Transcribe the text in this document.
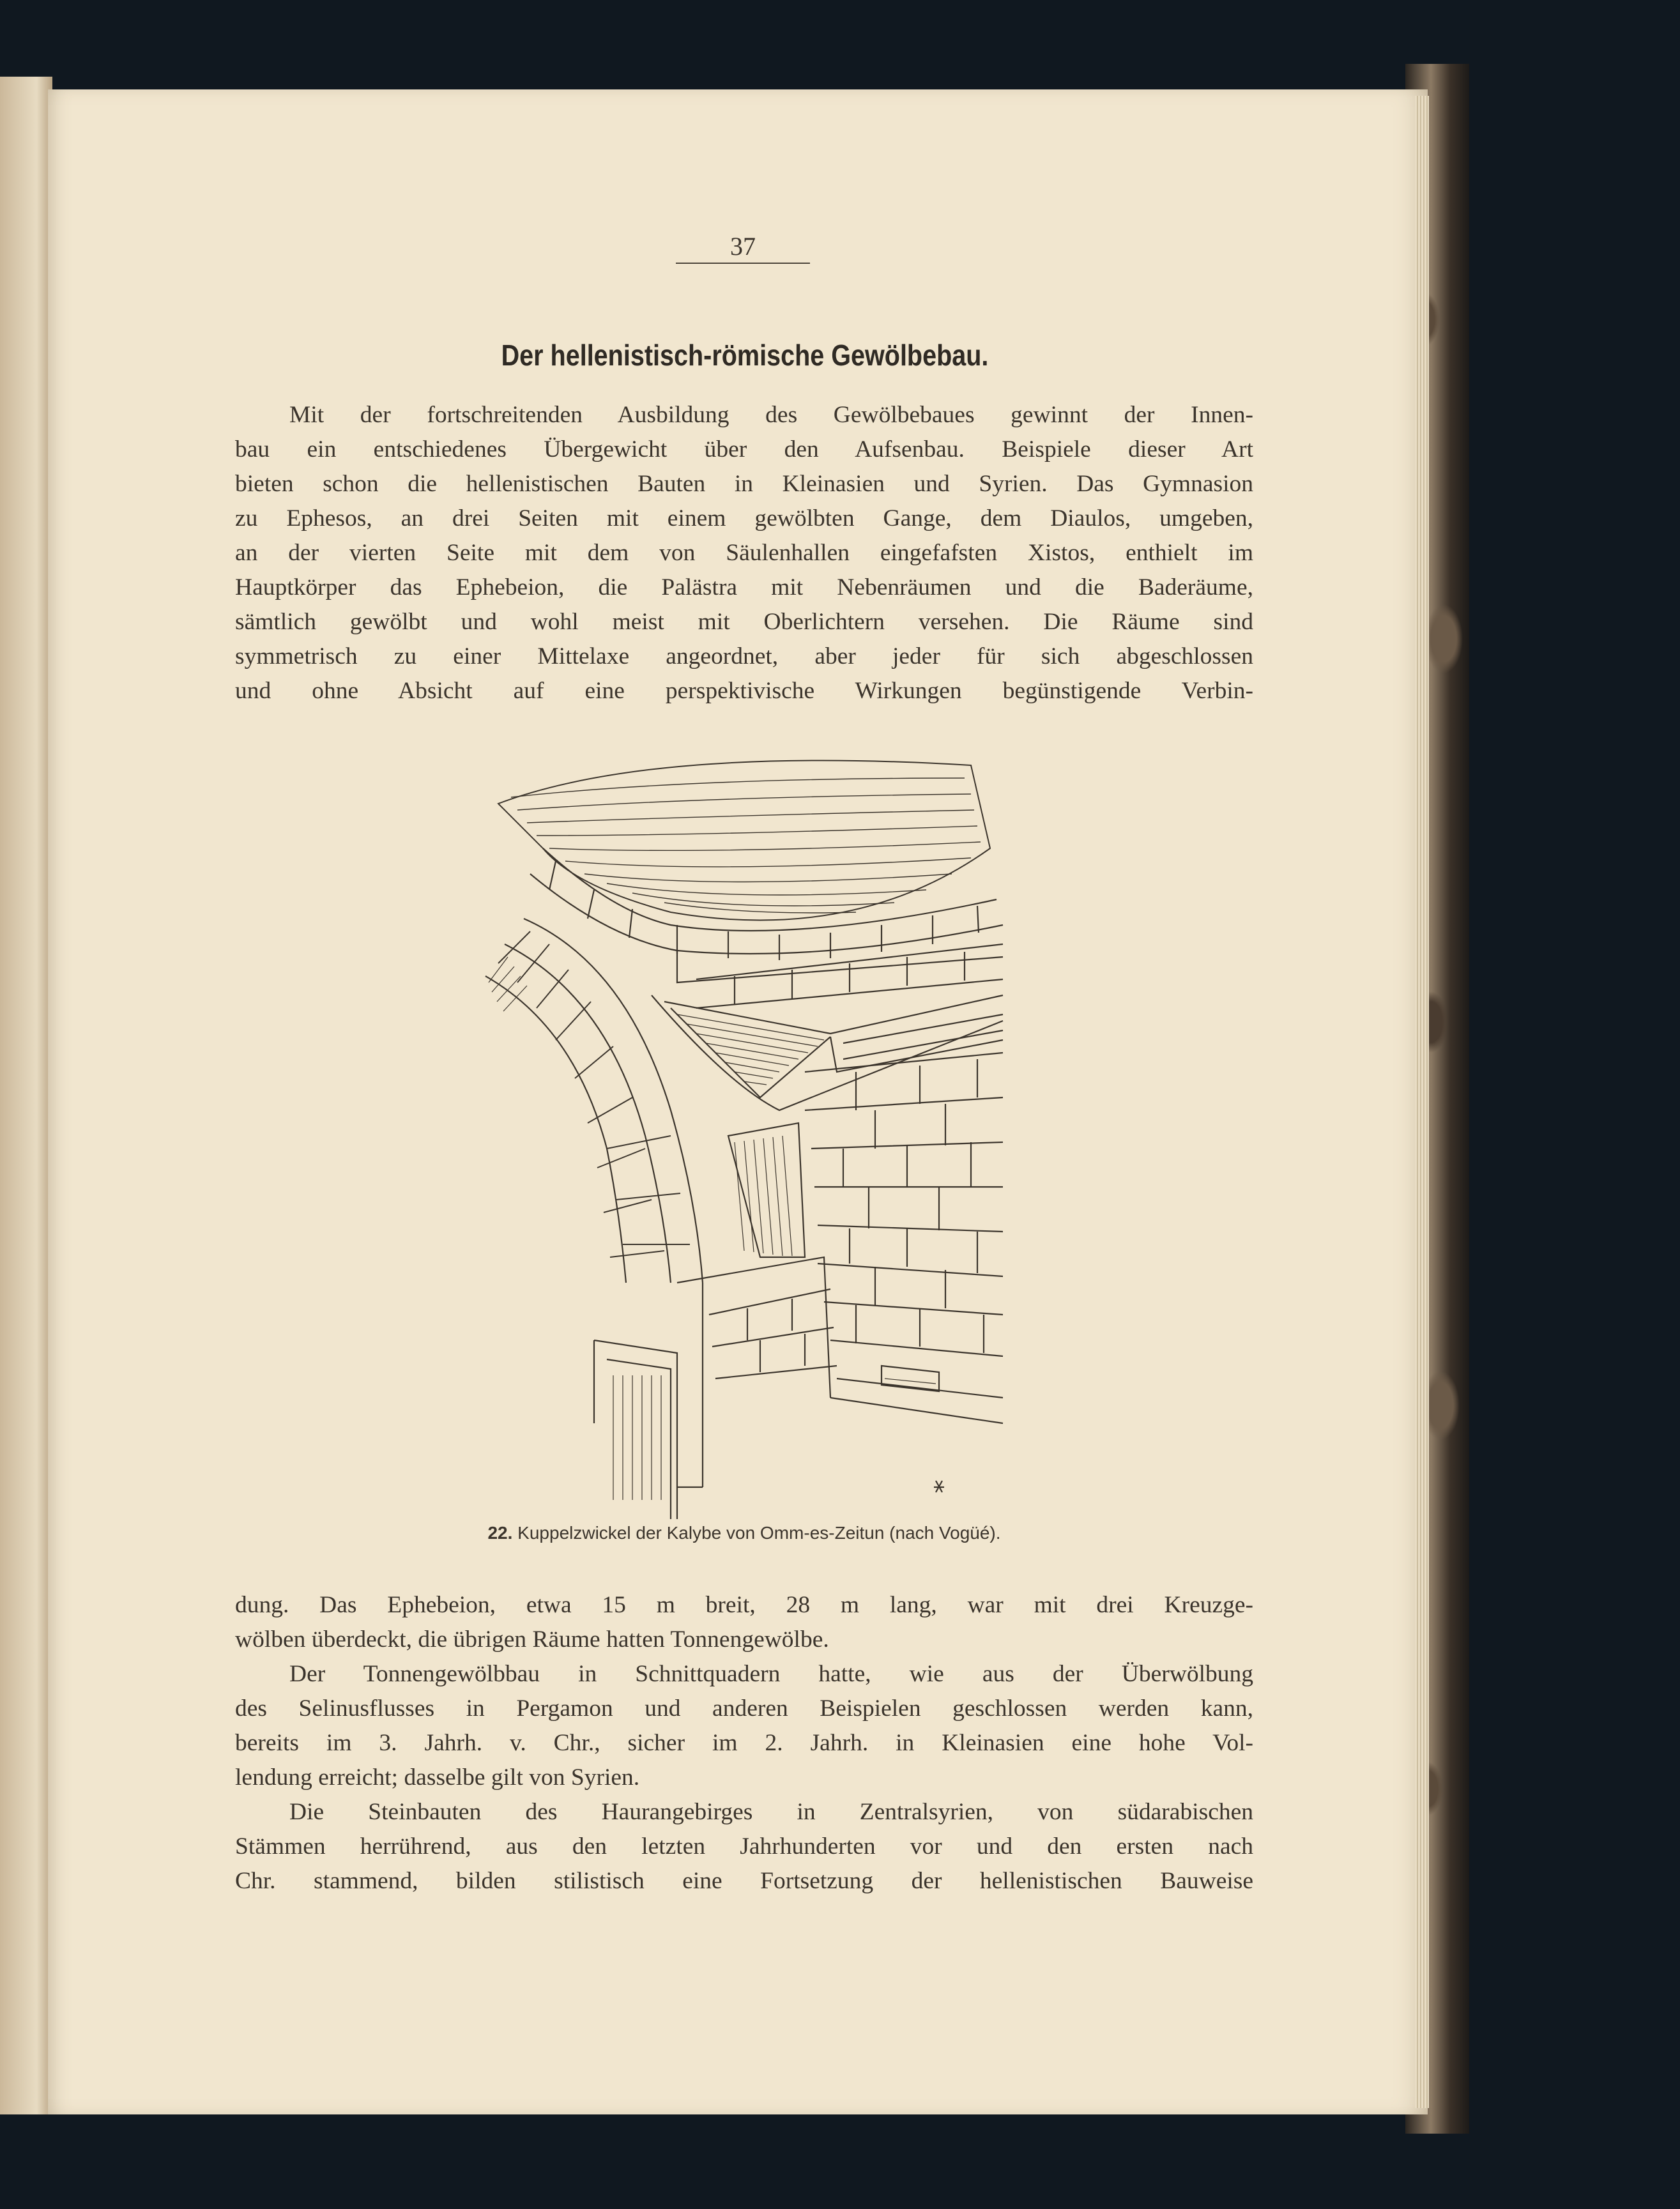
37
Der hellenistisch-römische Gewölbebau.
Mit der fortschreitenden Ausbildung des Gewölbebaues gewinnt der Innen-
bau ein entschiedenes Übergewicht über den Aufsenbau. Beispiele dieser Art
bieten schon die hellenistischen Bauten in Kleinasien und Syrien. Das Gymnasion
zu Ephesos, an drei Seiten mit einem gewölbten Gange, dem Diaulos, umgeben,
an der vierten Seite mit dem von Säulenhallen eingefafsten Xistos, enthielt im
Hauptkörper das Ephebeion, die Palästra mit Nebenräumen und die Baderäume,
sämtlich gewölbt und wohl meist mit Oberlichtern versehen. Die Räume sind
symmetrisch zu einer Mittelaxe angeordnet, aber jeder für sich abgeschlossen
und ohne Absicht auf eine perspektivische Wirkungen begünstigende Verbin-
22. Kuppelzwickel der Kalybe von Omm-es-Zeitun (nach Vogüé).
dung. Das Ephebeion, etwa 15 m breit, 28 m lang, war mit drei Kreuzge-
wölben überdeckt, die übrigen Räume hatten Tonnengewölbe.
Der Tonnengewölbbau in Schnittquadern hatte, wie aus der Überwölbung
des Selinusflusses in Pergamon und anderen Beispielen geschlossen werden kann,
bereits im 3. Jahrh. v. Chr., sicher im 2. Jahrh. in Kleinasien eine hohe Vol-
lendung erreicht; dasselbe gilt von Syrien.
Die Steinbauten des Haurangebirges in Zentralsyrien, von südarabischen
Stämmen herrührend, aus den letzten Jahrhunderten vor und den ersten nach
Chr. stammend, bilden stilistisch eine Fortsetzung der hellenistischen Bauweise
